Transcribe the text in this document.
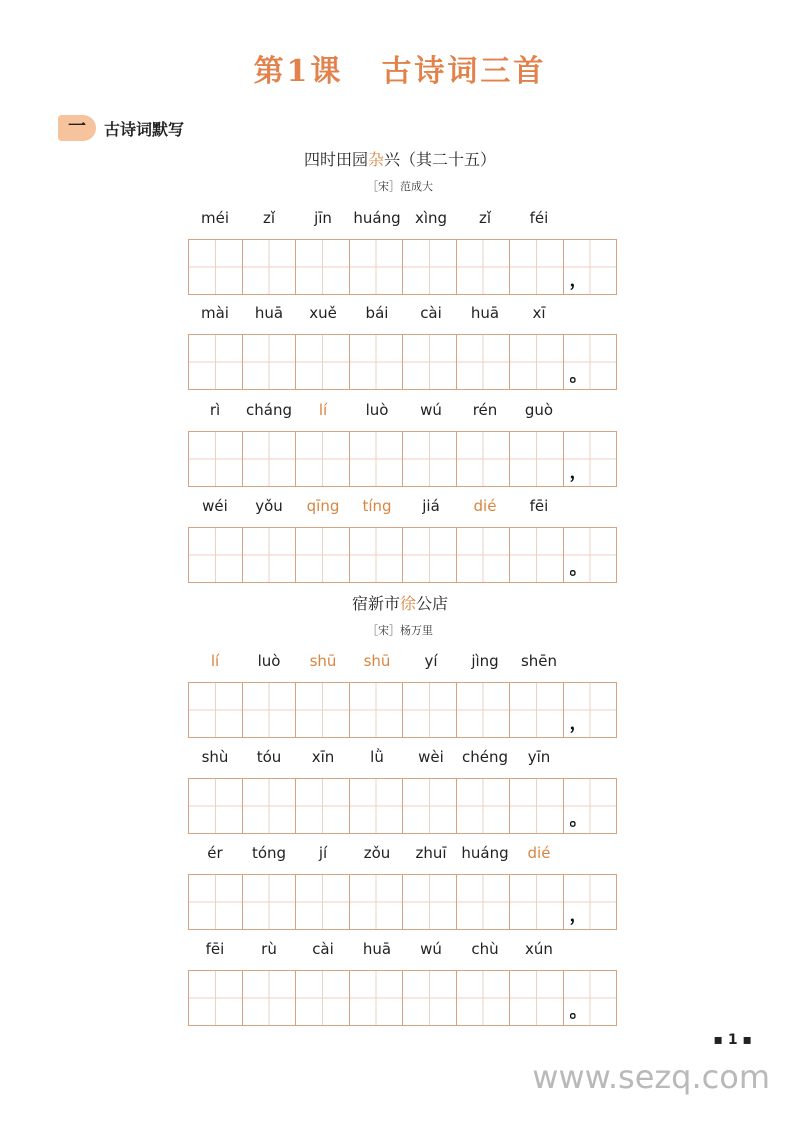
第1课 古诗词三首
一	古诗词默写
四时田园杂兴（其二十五）
［宋］范成大
méi	zǐ	jīn	huáng xìng	zǐ	féi
，
mài	huā	xuě	bái	cài	huā	xī
。
rì	cháng	lí	luò	wú	rén	guò
，
wéi	yǒu	qīng	tíng	jiá	dié	fēi
。
宿新市徐公店
［宋］杨万里
lí	luò	shū	shū	yí	jìng	shēn
，
shù	tóu	xīn	lǜ	wèi	chéng	yīn
。
ér	tóng	jí	zǒu	zhuī huáng	dié
，
fēi	rù	cài	huā	wú	chù	xún
。
▪ 1 ▪
www.sezq.com
